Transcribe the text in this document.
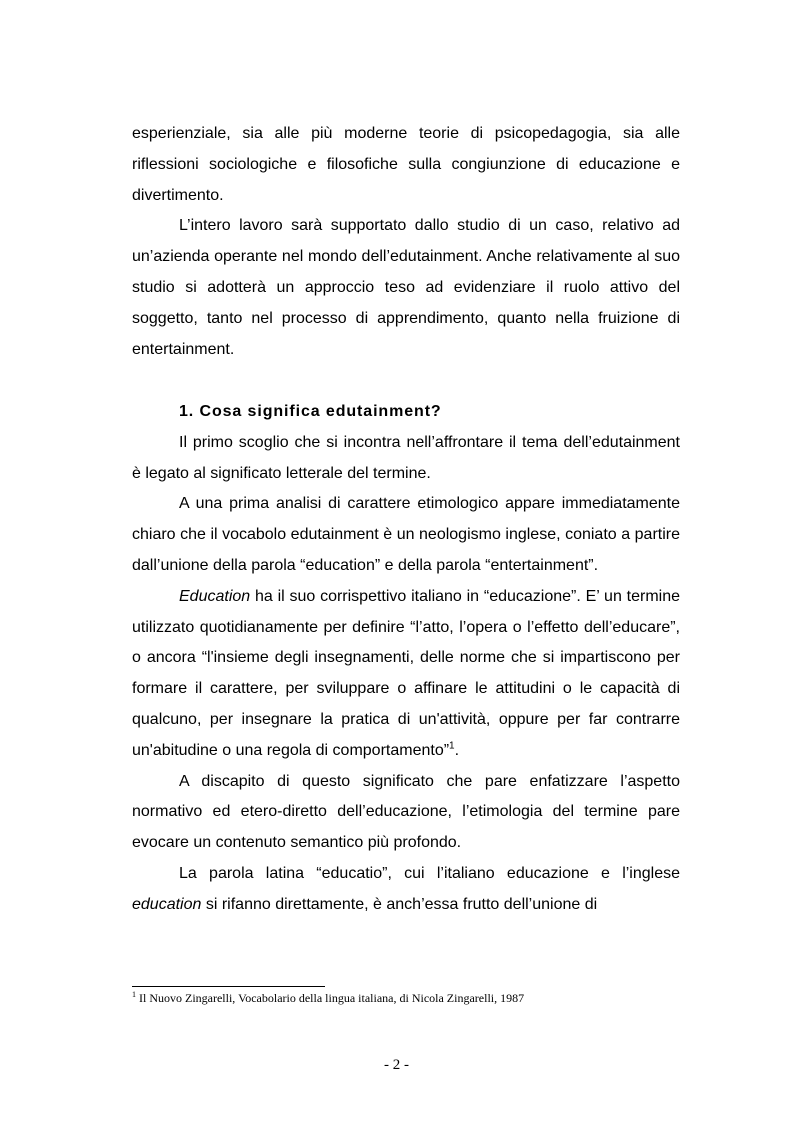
esperienziale, sia alle più moderne teorie di psicopedagogia, sia alle riflessioni sociologiche e filosofiche sulla congiunzione di educazione e divertimento.

L’intero lavoro sarà supportato dallo studio di un caso, relativo ad un’azienda operante nel mondo dell’edutainment. Anche relativamente al suo studio si adotterà un approccio teso ad evidenziare il ruolo attivo del soggetto, tanto nel processo di apprendimento, quanto nella fruizione di entertainment.

1. Cosa significa edutainment?

Il primo scoglio che si incontra nell’affrontare il tema dell’edutainment è legato al significato letterale del termine.

A una prima analisi di carattere etimologico appare immediatamente chiaro che il vocabolo edutainment è un neologismo inglese, coniato a partire dall’unione della parola “education” e della parola “entertainment”.

Education ha il suo corrispettivo italiano in “educazione”. E’ un termine utilizzato quotidianamente per definire “l’atto, l’opera o l’effetto dell’educare”, o ancora “l'insieme degli insegnamenti, delle norme che si impartiscono per formare il carattere, per sviluppare o affinare le attitudini o le capacità di qualcuno, per insegnare la pratica di un'attività, oppure per far contrarre un'abitudine o una regola di comportamento”$^1$.

A discapito di questo significato che pare enfatizzare l’aspetto normativo ed etero-diretto dell’educazione, l’etimologia del termine pare evocare un contenuto semantico più profondo.

La parola latina “educatio”, cui l’italiano educazione e l’inglese education si rifanno direttamente, è anch’essa frutto dell’unione di

$^1$ Il Nuovo Zingarelli, Vocabolario della lingua italiana, di Nicola Zingarelli, 1987
- 2 -
